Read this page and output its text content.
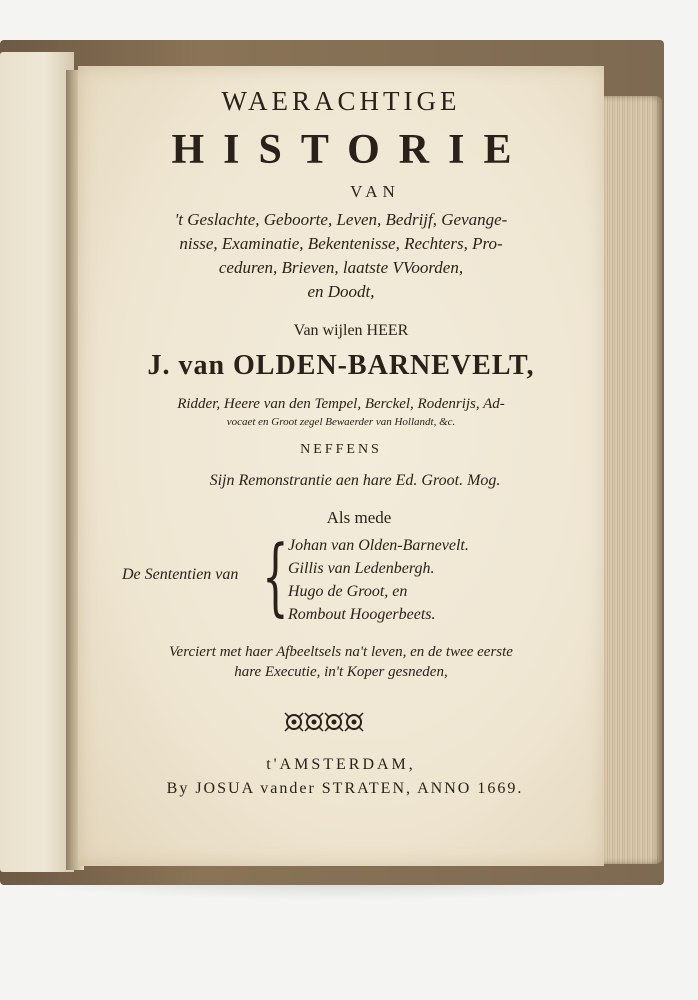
WAERACHTIGE
HISTORIE
VAN
't Geslachte, Geboorte, Leven, Bedrijf, Gevange-
nisse, Examinatie, Bekentenisse, Rechters, Pro-
ceduren, Brieven, laatste VVoorden,
en Doodt,
Van wijlen HEER
J. van OLDEN-BARNEVELT,
Ridder, Heere van den Tempel, Berckel, Rodenrijs, Ad-
vocaet en Groot zegel Bewaerder van Hollandt, &c.
NEFFENS
Sijn Remonstrantie aen hare Ed. Groot. Mog.
Als mede
De Sententien van { Johan van Olden-Barnevelt.
Gillis van Ledenbergh.
Hugo de Groot, en
Rombout Hoogerbeets.
Verciert met haer Afbeeltsels na't leven, en de twee eerste
hare Executie, in't Koper gesneden,
t'AMSTERDAM,
By JOSUA vander STRATEN, ANNO 1669.
